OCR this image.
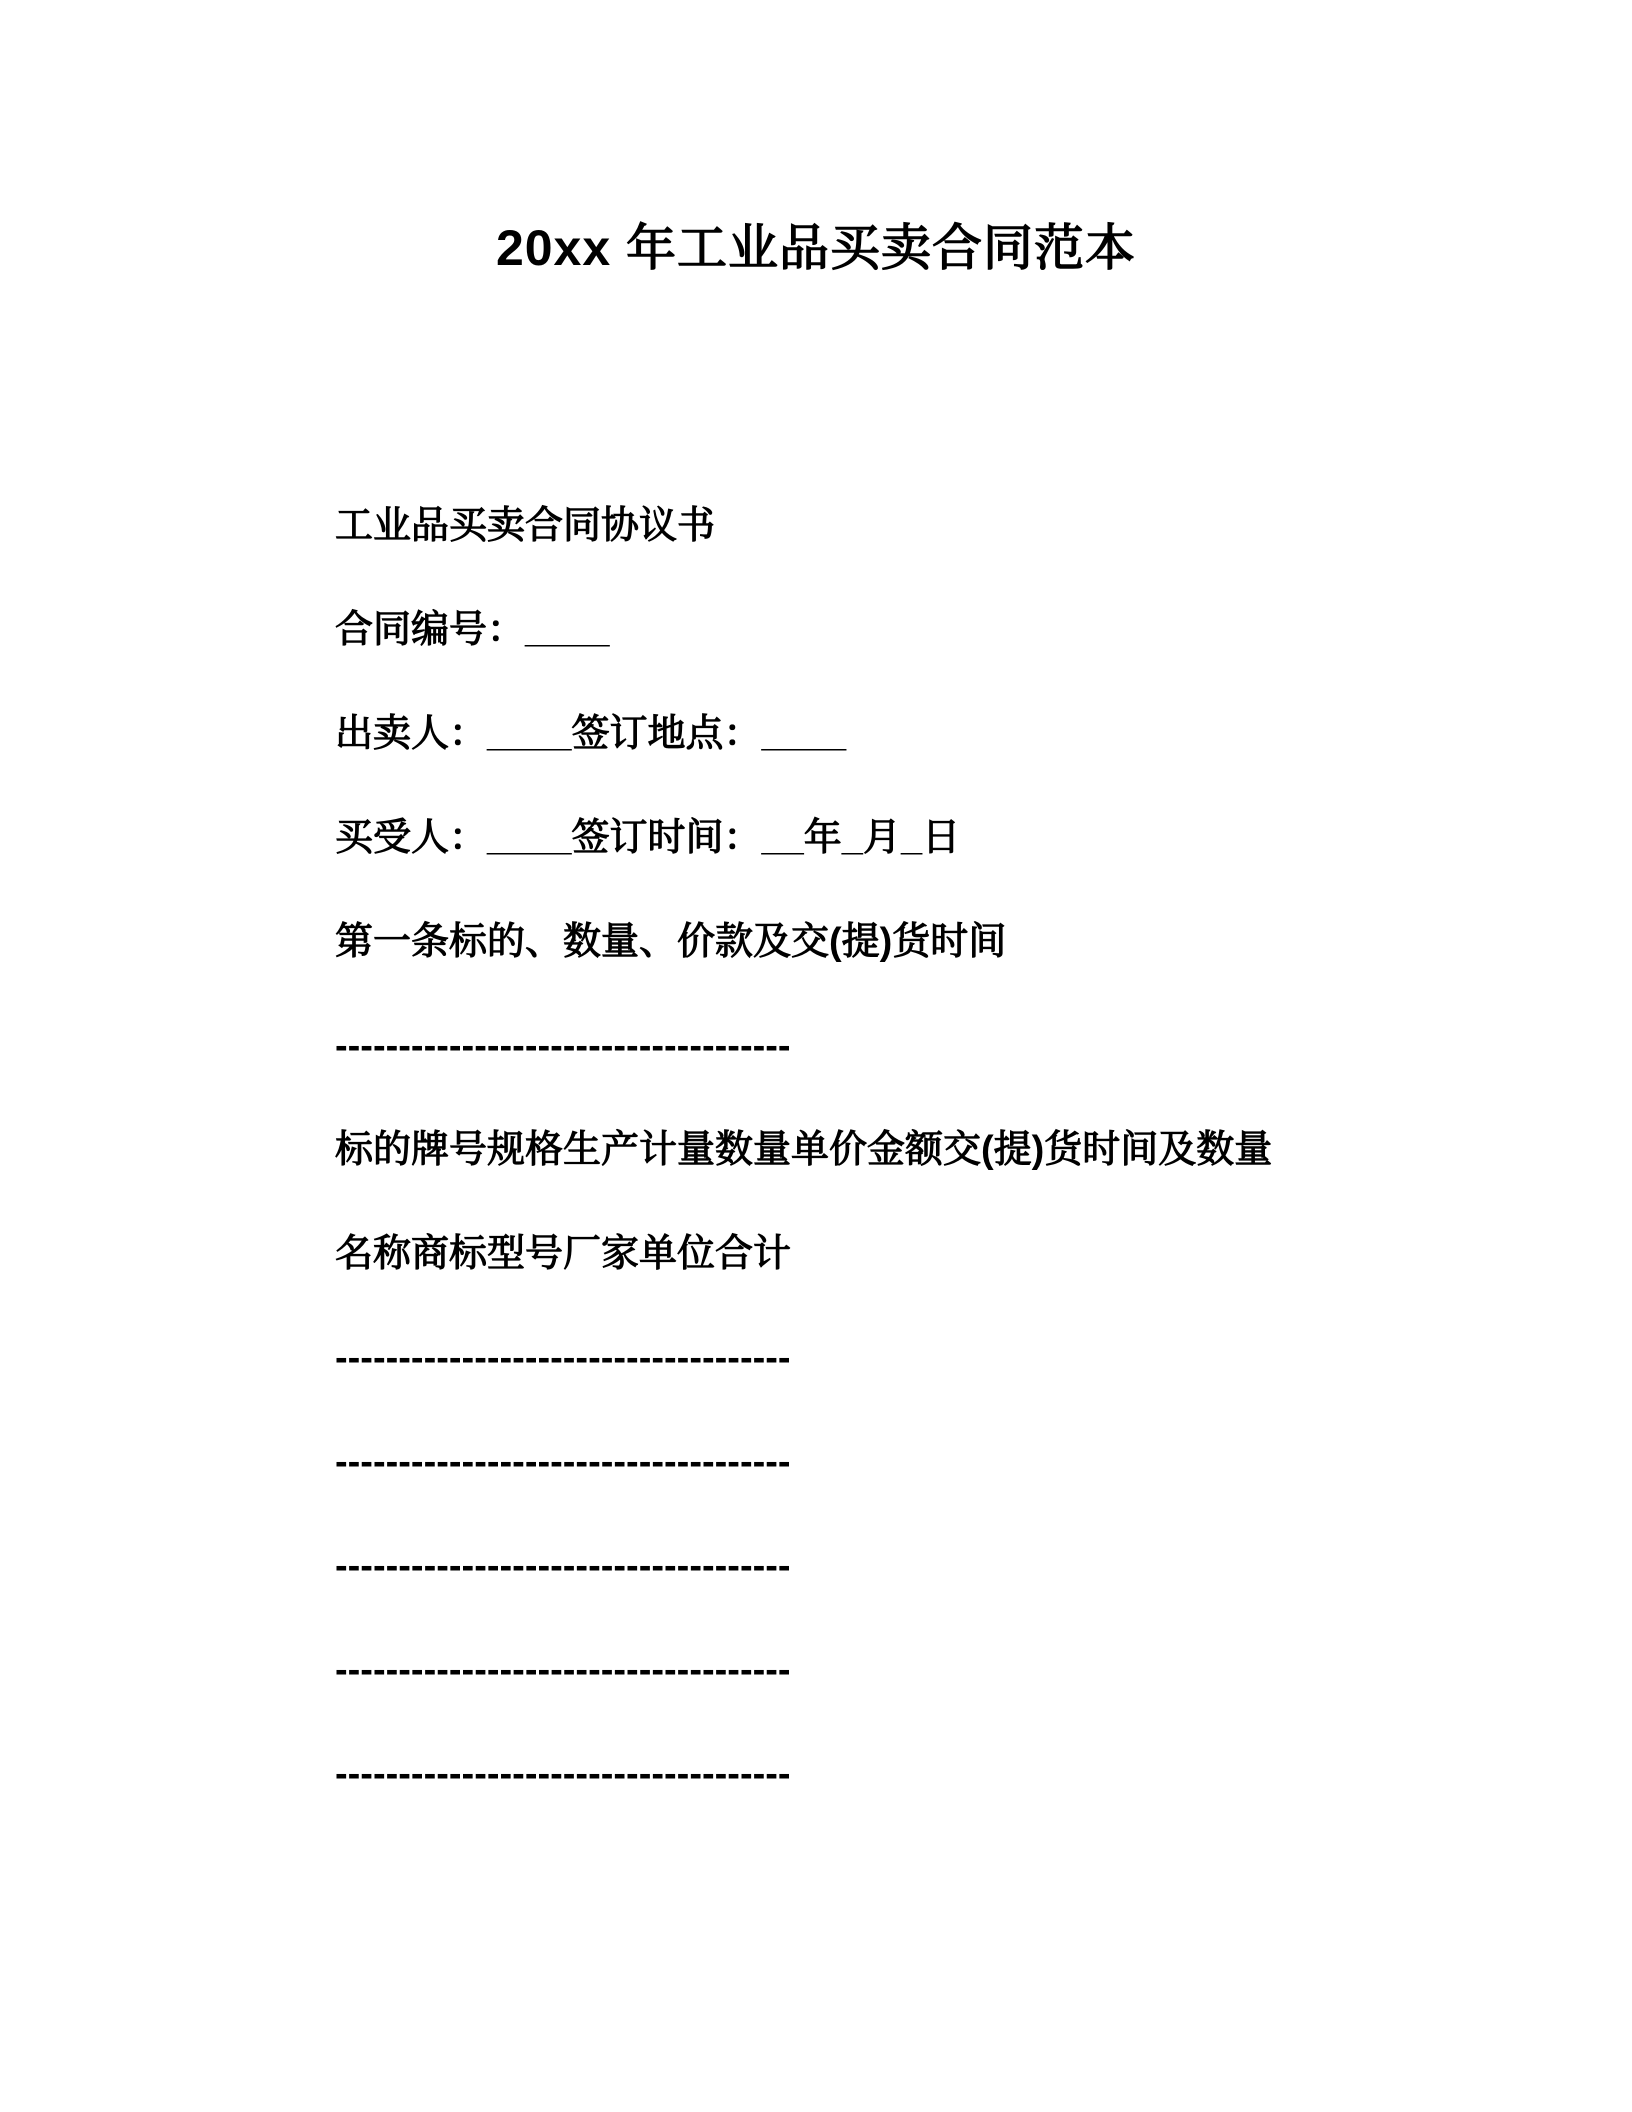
20xx 年工业品买卖合同范本

工业品买卖合同协议书

合同编号：____

出卖人：____签订地点：____

买受人：____签订时间：__年_月_日

第一条标的、数量、价款及交(提)货时间

------------------------------------

标的牌号规格生产计量数量单价金额交(提)货时间及数量

名称商标型号厂家单位合计

------------------------------------

------------------------------------

------------------------------------

------------------------------------

------------------------------------
